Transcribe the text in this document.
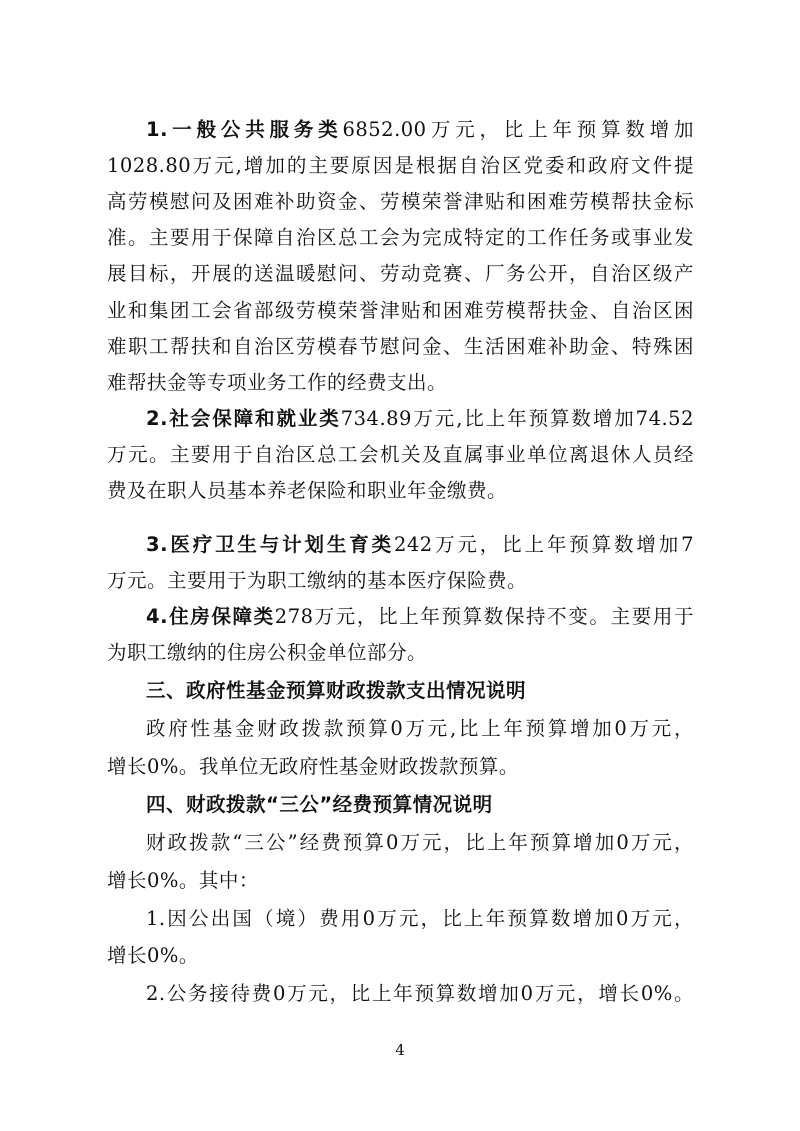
1.一般公共服务类6852.00万元，比上年预算数增加
1028.80万元,增加的主要原因是根据自治区党委和政府文件提
高劳模慰问及困难补助资金、劳模荣誉津贴和困难劳模帮扶金标
准。主要用于保障自治区总工会为完成特定的工作任务或事业发
展目标，开展的送温暖慰问、劳动竞赛、厂务公开，自治区级产
业和集团工会省部级劳模荣誉津贴和困难劳模帮扶金、自治区困
难职工帮扶和自治区劳模春节慰问金、生活困难补助金、特殊困
难帮扶金等专项业务工作的经费支出。
2.社会保障和就业类734.89万元,比上年预算数增加74.52
万元。主要用于自治区总工会机关及直属事业单位离退休人员经
费及在职人员基本养老保险和职业年金缴费。
3.医疗卫生与计划生育类242万元，比上年预算数增加7
万元。主要用于为职工缴纳的基本医疗保险费。
4.住房保障类278万元，比上年预算数保持不变。主要用于
为职工缴纳的住房公积金单位部分。
三、政府性基金预算财政拨款支出情况说明
政府性基金财政拨款预算0万元,比上年预算增加0万元，
增长0%。我单位无政府性基金财政拨款预算。
四、财政拨款“三公”经费预算情况说明
财政拨款“三公”经费预算0万元，比上年预算增加0万元，
增长0%。其中：
1.因公出国（境）费用0万元，比上年预算数增加0万元，
增长0%。
2.公务接待费0万元，比上年预算数增加0万元，增长0%。
4
